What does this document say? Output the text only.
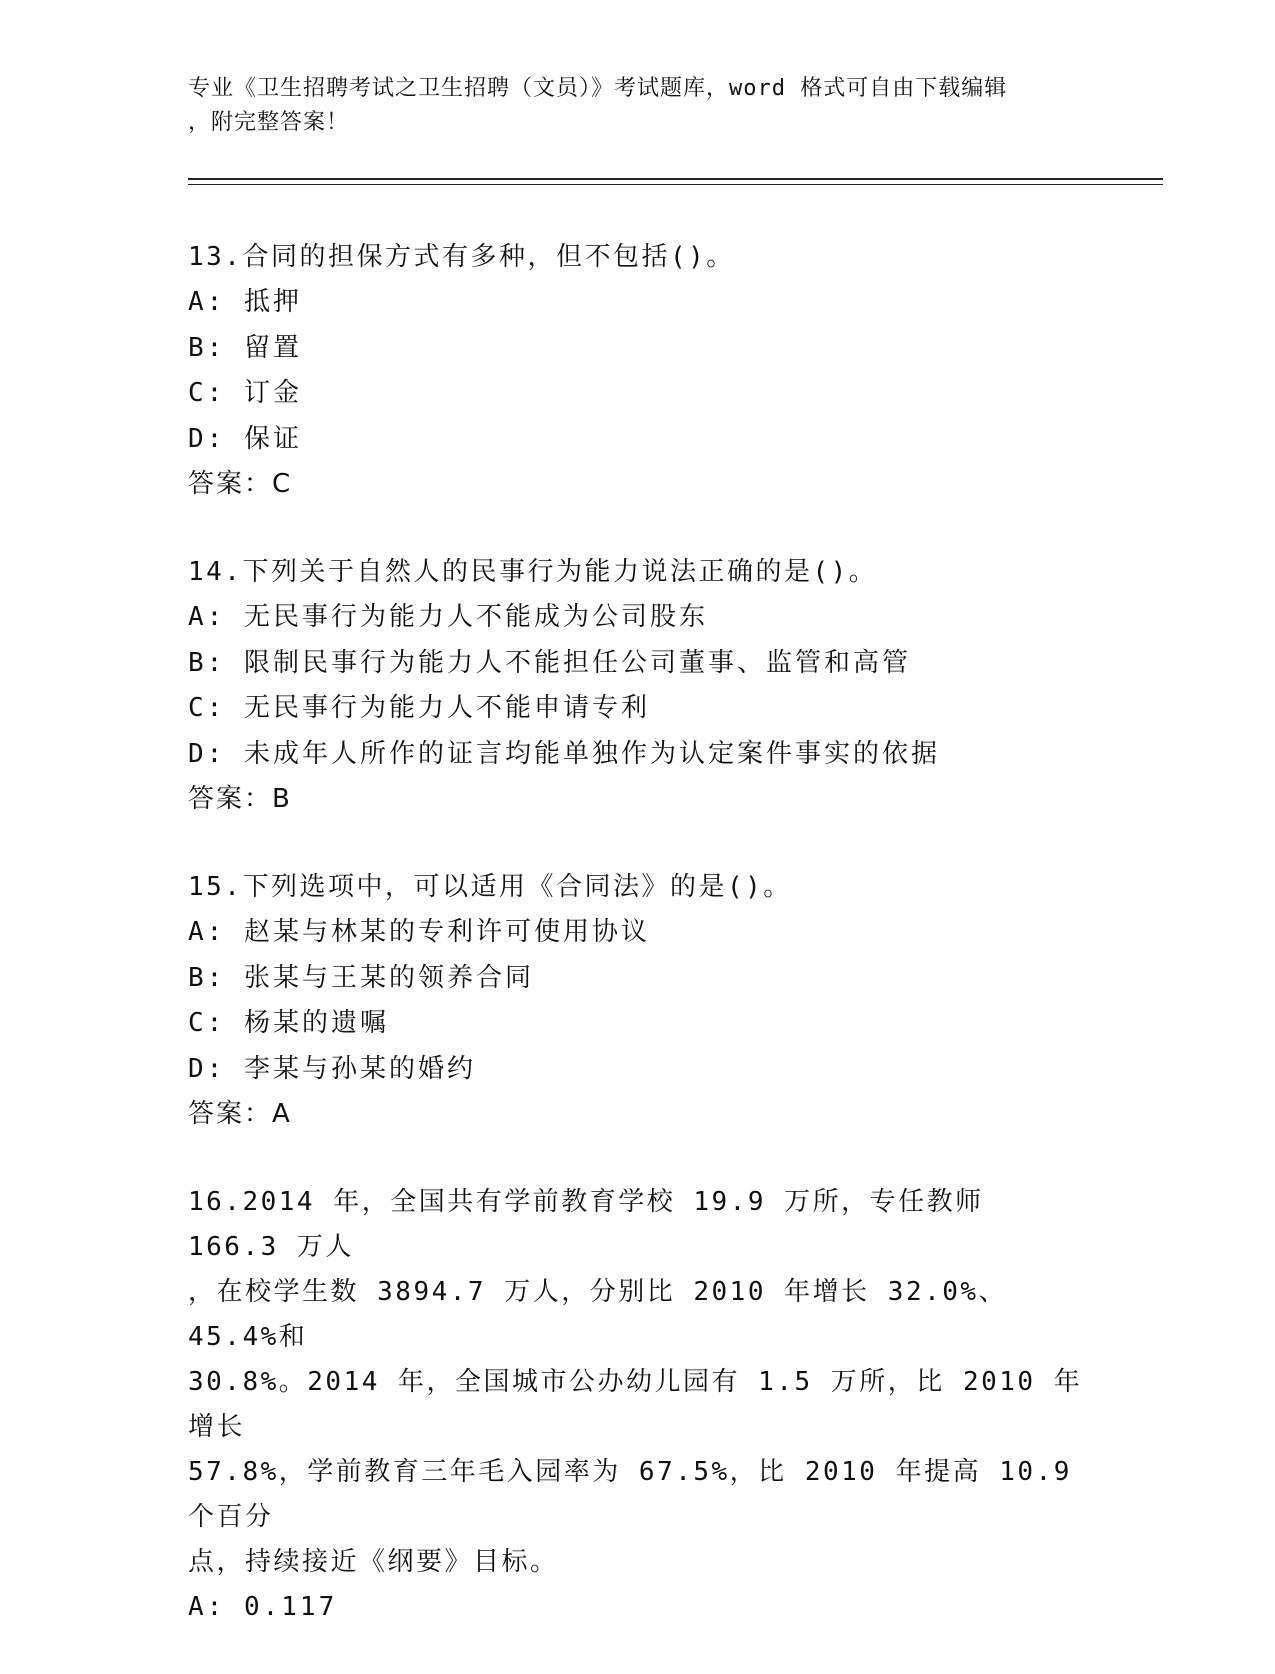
专业《卫生招聘考试之卫生招聘（文员）》考试题库，word 格式可自由下载编辑
，附完整答案！
13.合同的担保方式有多种，但不包括()。
A: 抵押
B: 留置
C: 订金
D: 保证
答案：C
14.下列关于自然人的民事行为能力说法正确的是()。
A: 无民事行为能力人不能成为公司股东
B: 限制民事行为能力人不能担任公司董事、监管和高管
C: 无民事行为能力人不能申请专利
D: 未成年人所作的证言均能单独作为认定案件事实的依据
答案：B
15.下列选项中，可以适用《合同法》的是()。
A: 赵某与林某的专利许可使用协议
B: 张某与王某的领养合同
C: 杨某的遗嘱
D: 李某与孙某的婚约
答案：A
16.2014 年，全国共有学前教育学校 19.9 万所，专任教师 166.3 万人
，在校学生数 3894.7 万人，分别比 2010 年增长 32.0%、45.4%和
30.8%。2014 年，全国城市公办幼儿园有 1.5 万所，比 2010 年增长
57.8%，学前教育三年毛入园率为 67.5%，比 2010 年提高 10.9 个百分
点，持续接近《纲要》目标。
A: 0.117
